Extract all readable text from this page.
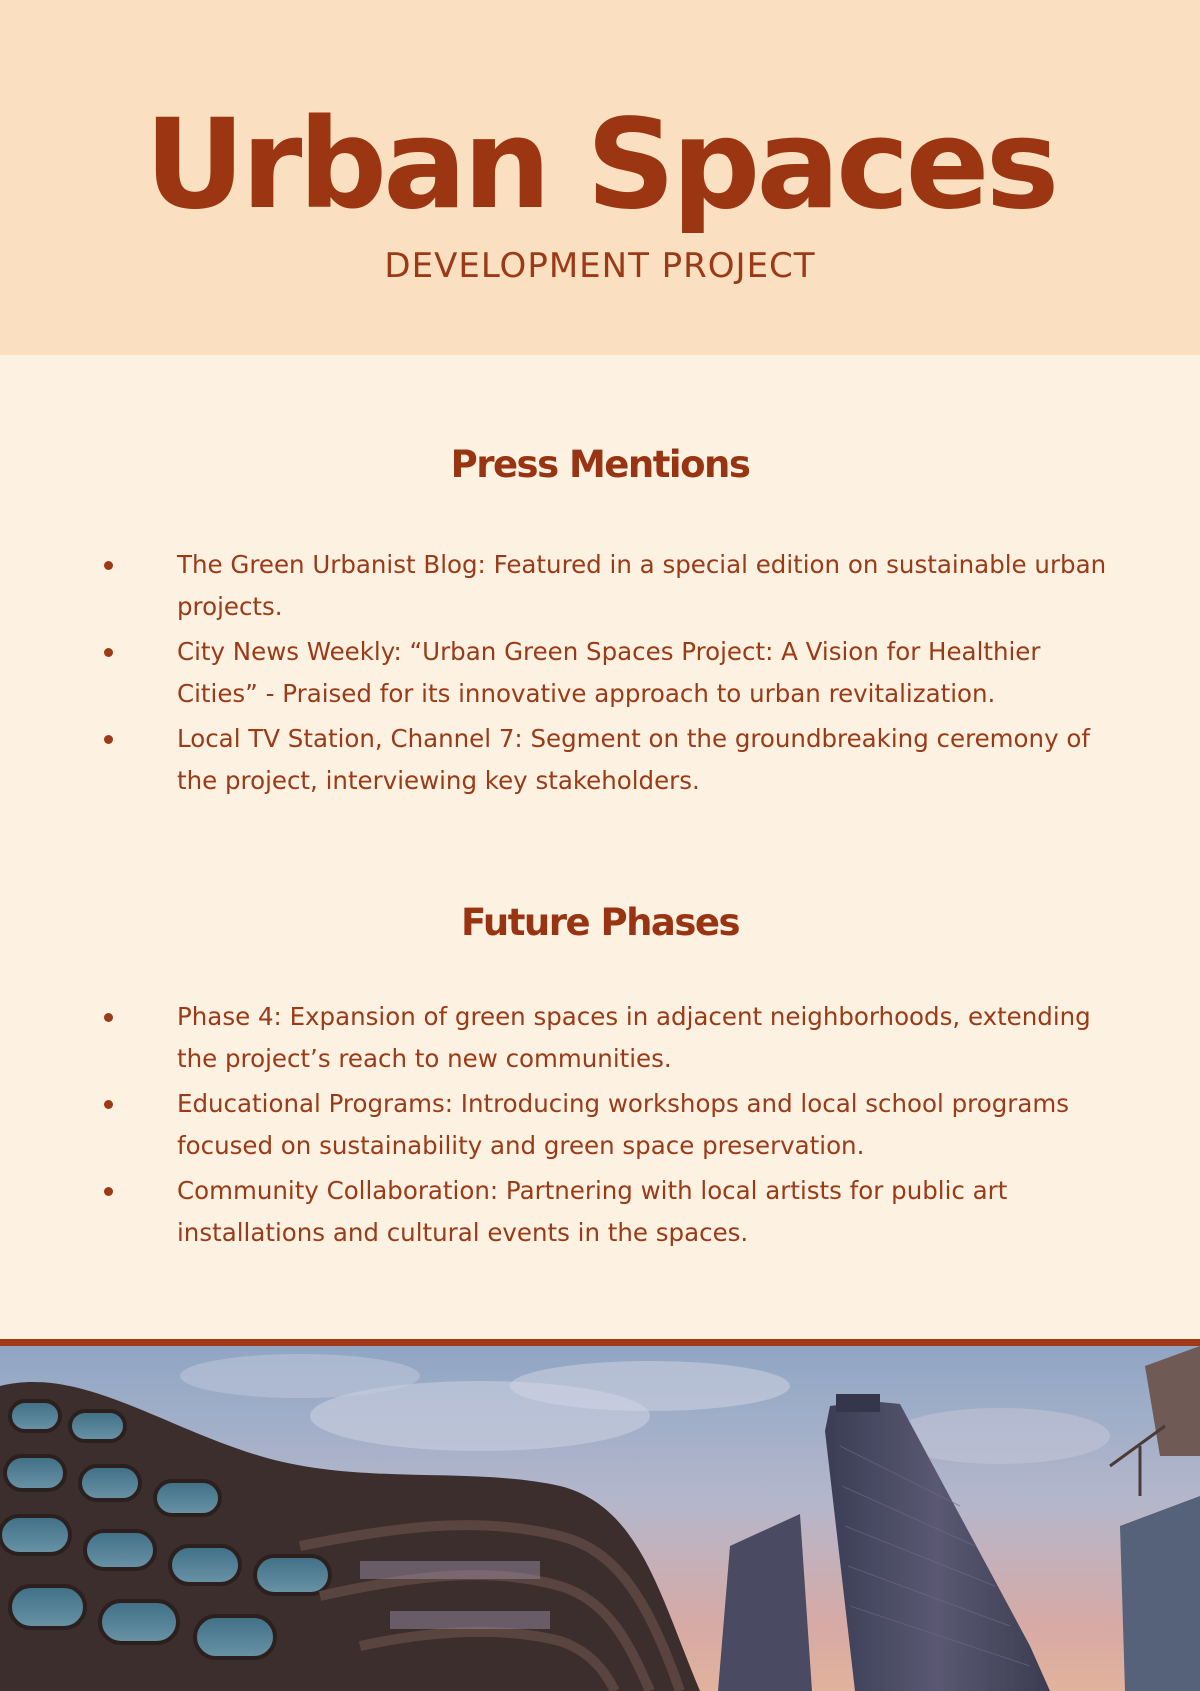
Urban Spaces
DEVELOPMENT PROJECT
Press Mentions
The Green Urbanist Blog: Featured in a special edition on sustainable urban projects.
City News Weekly: “Urban Green Spaces Project: A Vision for Healthier Cities” - Praised for its innovative approach to urban revitalization.
Local TV Station, Channel 7: Segment on the groundbreaking ceremony of the project, interviewing key stakeholders.
Future Phases
Phase 4: Expansion of green spaces in adjacent neighborhoods, extending the project’s reach to new communities.
Educational Programs: Introducing workshops and local school programs focused on sustainability and green space preservation.
Community Collaboration: Partnering with local artists for public art installations and cultural events in the spaces.
